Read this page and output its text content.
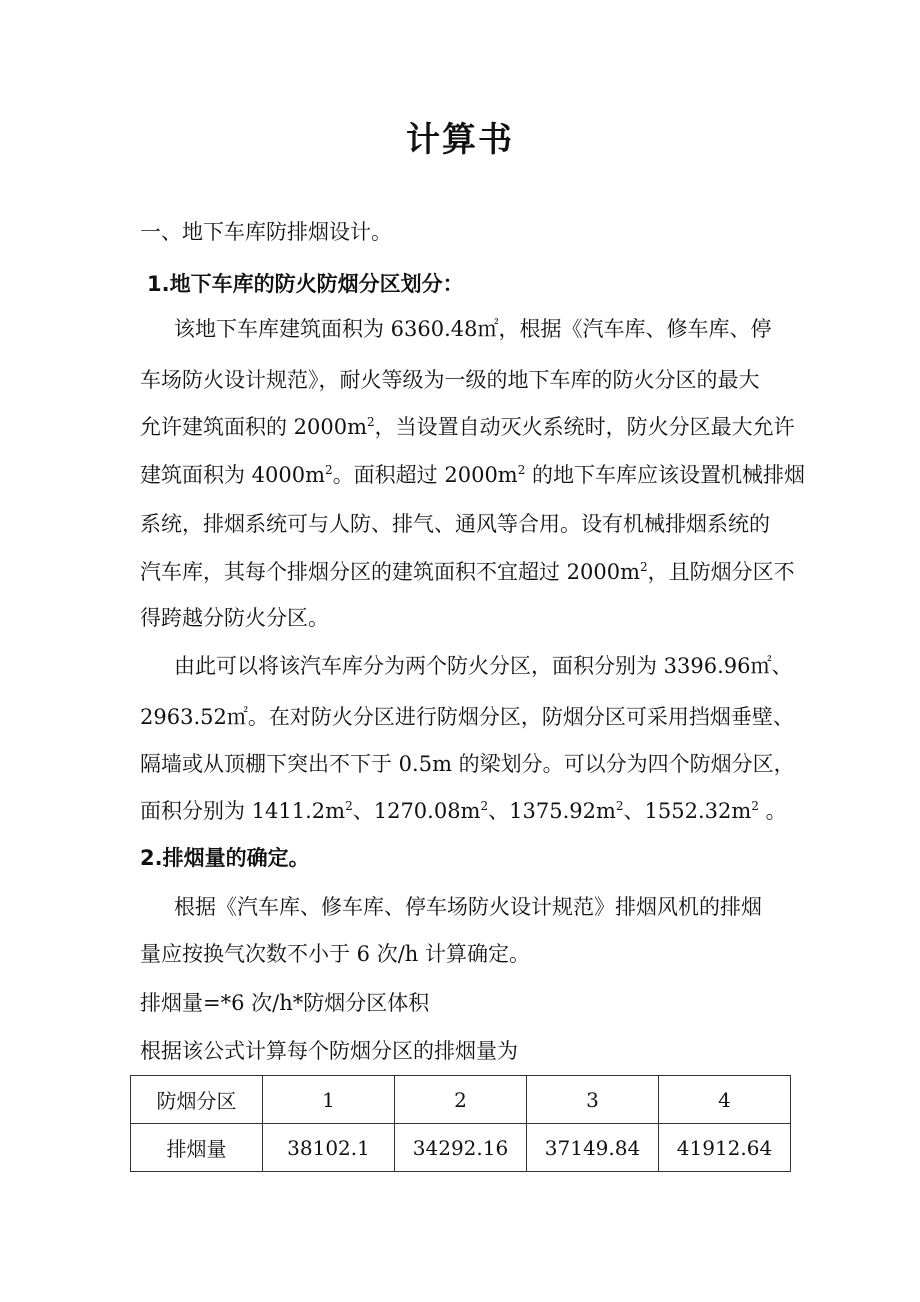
计算书
一、地下车库防排烟设计。
1.地下车库的防火防烟分区划分：
该地下车库建筑面积为 6360.48㎡，根据《汽车库、修车库、停
车场防火设计规范》，耐火等级为一级的地下车库的防火分区的最大
允许建筑面积的 $2000m^2$，当设置自动灭火系统时，防火分区最大允许
建筑面积为 $4000m^2$。面积超过 $2000m^2$ 的地下车库应该设置机械排烟
系统，排烟系统可与人防、排气、通风等合用。设有机械排烟系统的
汽车库，其每个排烟分区的建筑面积不宜超过 $2000m^2$，且防烟分区不
得跨越分防火分区。
由此可以将该汽车库分为两个防火分区，面积分别为 3396.96㎡、
2963.52㎡。在对防火分区进行防烟分区，防烟分区可采用挡烟垂壁、
隔墙或从顶棚下突出不下于 0.5m 的梁划分。可以分为四个防烟分区，
面积分别为 $1411.2m^2$、$1270.08m^2$、$1375.92m^2$、$1552.32m^2$ 。
2.排烟量的确定。
根据《汽车库、修车库、停车场防火设计规范》排烟风机的排烟
量应按换气次数不小于 6 次/h 计算确定。
排烟量=*6 次/h*防烟分区体积
根据该公式计算每个防烟分区的排烟量为
防烟分区	1	2	3	4
排烟量	38102.1	34292.16	37149.84	41912.64
